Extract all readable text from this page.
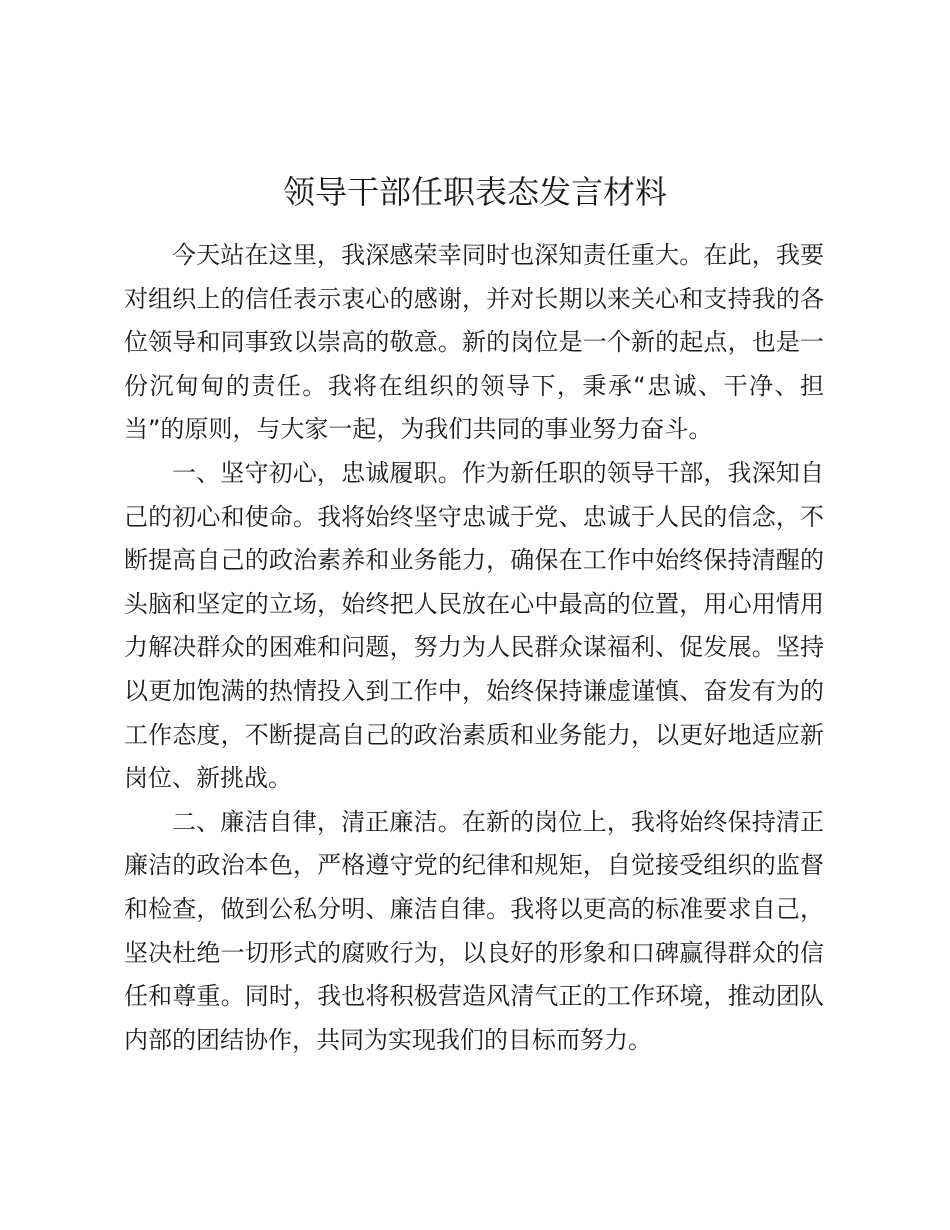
领导干部任职表态发言材料

今天站在这里，我深感荣幸同时也深知责任重大。在此，我要对组织上的信任表示衷心的感谢，并对长期以来关心和支持我的各位领导和同事致以崇高的敬意。新的岗位是一个新的起点，也是一份沉甸甸的责任。我将在组织的领导下，秉承“忠诚、干净、担当”的原则，与大家一起，为我们共同的事业努力奋斗。

一、坚守初心，忠诚履职。作为新任职的领导干部，我深知自己的初心和使命。我将始终坚守忠诚于党、忠诚于人民的信念，不断提高自己的政治素养和业务能力，确保在工作中始终保持清醒的头脑和坚定的立场，始终把人民放在心中最高的位置，用心用情用力解决群众的困难和问题，努力为人民群众谋福利、促发展。坚持以更加饱满的热情投入到工作中，始终保持谦虚谨慎、奋发有为的工作态度，不断提高自己的政治素质和业务能力，以更好地适应新岗位、新挑战。

二、廉洁自律，清正廉洁。在新的岗位上，我将始终保持清正廉洁的政治本色，严格遵守党的纪律和规矩，自觉接受组织的监督和检查，做到公私分明、廉洁自律。我将以更高的标准要求自己，坚决杜绝一切形式的腐败行为，以良好的形象和口碑赢得群众的信任和尊重。同时，我也将积极营造风清气正的工作环境，推动团队内部的团结协作，共同为实现我们的目标而努力。
